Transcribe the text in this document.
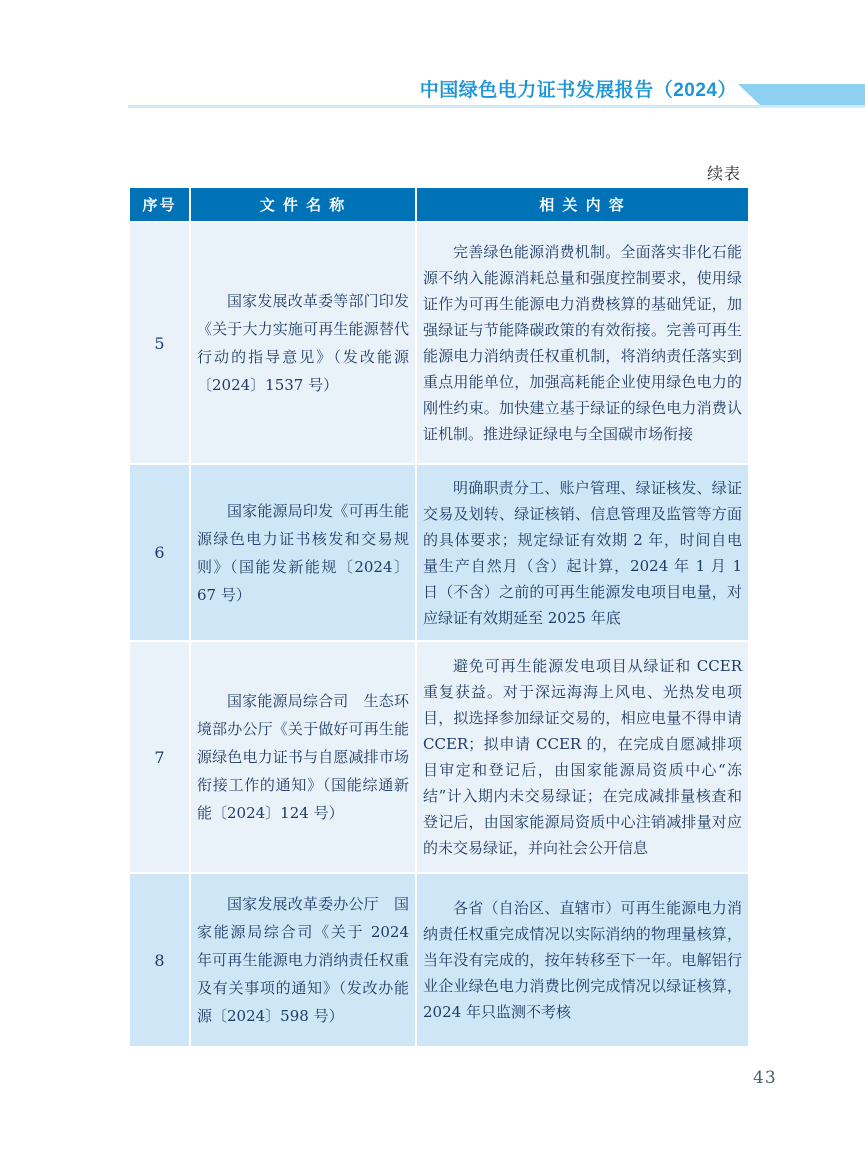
中国绿色电力证书发展报告（2024）
续表
序号	文 件 名 称	相 关 内 容
5

国家发展改革委等部门印发《关于大力实施可再生能源替代行动的指导意见》（发改能源〔2024〕1537 号）

完善绿色能源消费机制。全面落实非化石能源不纳入能源消耗总量和强度控制要求，使用绿证作为可再生能源电力消费核算的基础凭证，加强绿证与节能降碳政策的有效衔接。完善可再生能源电力消纳责任权重机制，将消纳责任落实到重点用能单位，加强高耗能企业使用绿色电力的刚性约束。加快建立基于绿证的绿色电力消费认证机制。推进绿证绿电与全国碳市场衔接

6

国家能源局印发《可再生能源绿色电力证书核发和交易规则》（国能发新能规〔2024〕67 号）

明确职责分工、账户管理、绿证核发、绿证交易及划转、绿证核销、信息管理及监管等方面的具体要求；规定绿证有效期 2 年，时间自电量生产自然月（含）起计算，2024 年 1 月 1 日（不含）之前的可再生能源发电项目电量，对应绿证有效期延至 2025 年底

7

国家能源局综合司　生态环境部办公厅《关于做好可再生能源绿色电力证书与自愿减排市场衔接工作的通知》（国能综通新能〔2024〕124 号）

避免可再生能源发电项目从绿证和 CCER 重复获益。对于深远海海上风电、光热发电项目，拟选择参加绿证交易的，相应电量不得申请 CCER；拟申请 CCER 的，在完成自愿减排项目审定和登记后，由国家能源局资质中心“冻结”计入期内未交易绿证；在完成减排量核查和登记后，由国家能源局资质中心注销减排量对应的未交易绿证，并向社会公开信息

8

国家发展改革委办公厅　国家能源局综合司《关于 2024 年可再生能源电力消纳责任权重及有关事项的通知》（发改办能源〔2024〕598 号）

各省（自治区、直辖市）可再生能源电力消纳责任权重完成情况以实际消纳的物理量核算，当年没有完成的，按年转移至下一年。电解铝行业企业绿色电力消费比例完成情况以绿证核算，2024 年只监测不考核

43
